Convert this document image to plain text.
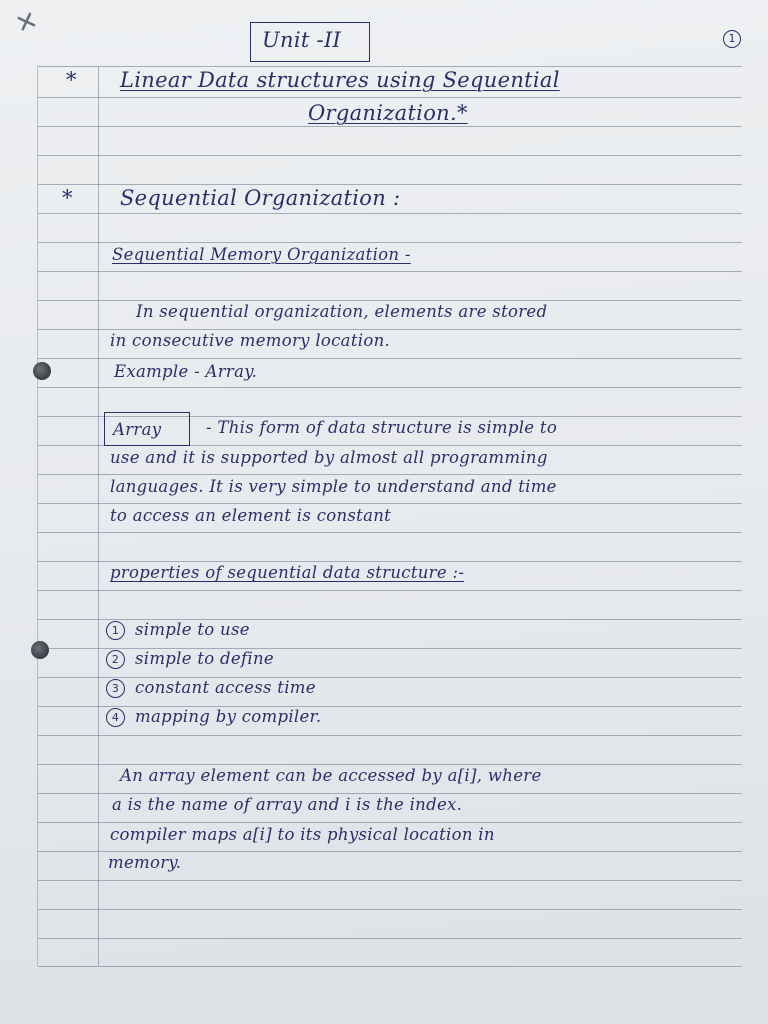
✕	Unit -II	1
* Linear Data structures using Sequential
Organization.*
* Sequential Organization :
Sequential Memory Organization -
In sequential organization, elements are stored
in consecutive memory location.
Example - Array.
Array	- This form of data structure is simple to
use and it is supported by almost all programming
languages. It is very simple to understand and time
to access an element is constant
properties of sequential data structure :-
1 simple to use
2 simple to define
3 constant access time
4 mapping by compiler.
An array element can be accessed by a[i], where
a is the name of array and i is the index.
compiler maps a[i] to its physical location in
memory.
